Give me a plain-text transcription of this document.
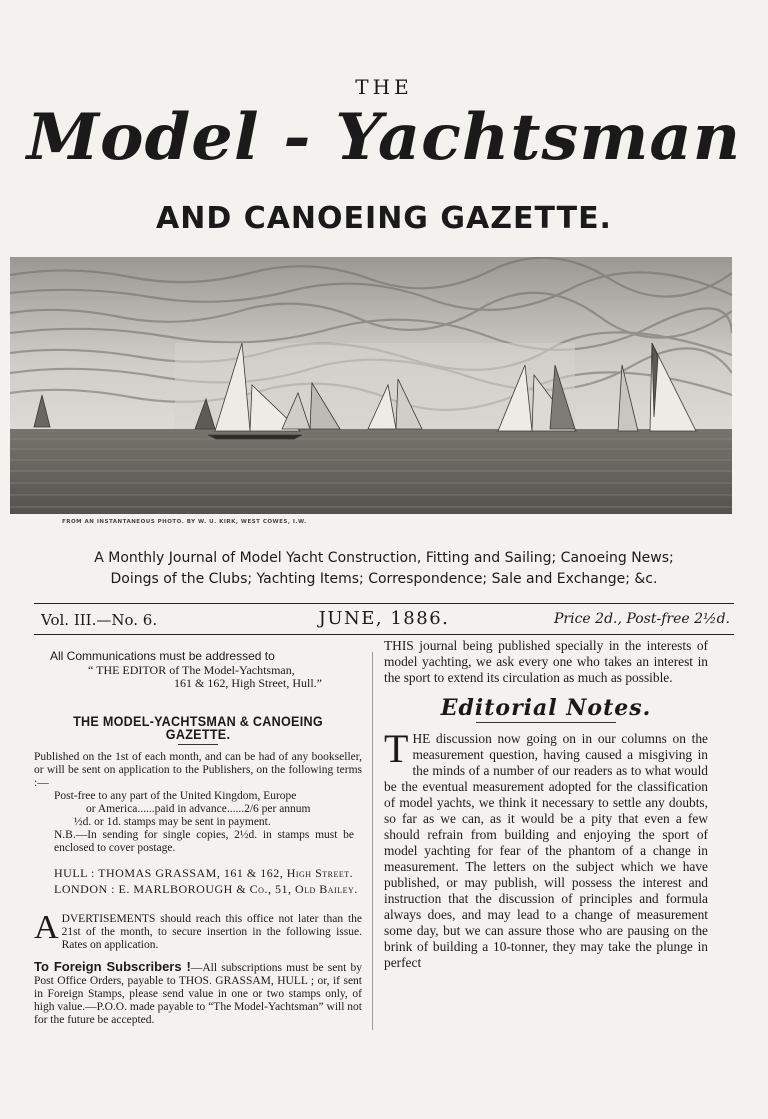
THE
Model - Yachtsman
AND CANOEING GAZETTE.
FROM AN INSTANTANEOUS PHOTO. BY W. U. KIRK, WEST COWES, I.W.
A Monthly Journal of Model Yacht Construction, Fitting and Sailing; Canoeing News;
Doings of the Clubs; Yachting Items; Correspondence; Sale and Exchange; &c.
Vol. III.—No. 6.	JUNE, 1886.	Price 2d., Post-free 2½d.
All Communications must be addressed to
“ THE EDITOR of The Model-Yachtsman,
161 & 162, High Street, Hull.”
THE MODEL-YACHTSMAN & CANOEING GAZETTE.

Published on the 1st of each month, and can be had of any bookseller, or will be sent on application to the Publishers, on the following terms :—

Post-free to any part of the United Kingdom, Europe

or America......paid in advance......2/6 per annum

½d. or 1d. stamps may be sent in payment.

N.B.—In sending for single copies, 2½d. in stamps must be enclosed to cover postage.

HULL : THOMAS GRASSAM, 161 & 162, High Street.
LONDON : E. MARLBOROUGH & Co., 51, Old Bailey.
A DVERTISEMENTS should reach this office not later than the 21st of the month, to secure insertion in the following issue. Rates on application.
To Foreign Subscribers !—All subscriptions must be sent by Post Office Orders, payable to THOS. GRASSAM, HULL ; or, if sent in Foreign Stamps, please send value in one or two stamps only, of high value.—P.O.O. made payable to “The Model-Yachtsman” will not for the future be accepted.

THIS journal being published specially in the interests of model yachting, we ask every one who takes an interest in the sport to extend its circulation as much as possible.

Editorial Notes.

THE discussion now going on in our columns on the measurement question, having caused a misgiving in the minds of a number of our readers as to what would be the eventual measurement adopted for the classification of model yachts, we think it necessary to settle any doubts, so far as we can, as it would be a pity that even a few should refrain from building and enjoying the sport of model yachting for fear of the phantom of a change in measurement. The letters on the subject which we have published, or may publish, will possess the interest and instruction that the discussion of principles and formula always does, and may lead to a change of measurement some day, but we can assure those who are pausing on the brink of building a 10-tonner, they may take the plunge in perfect
